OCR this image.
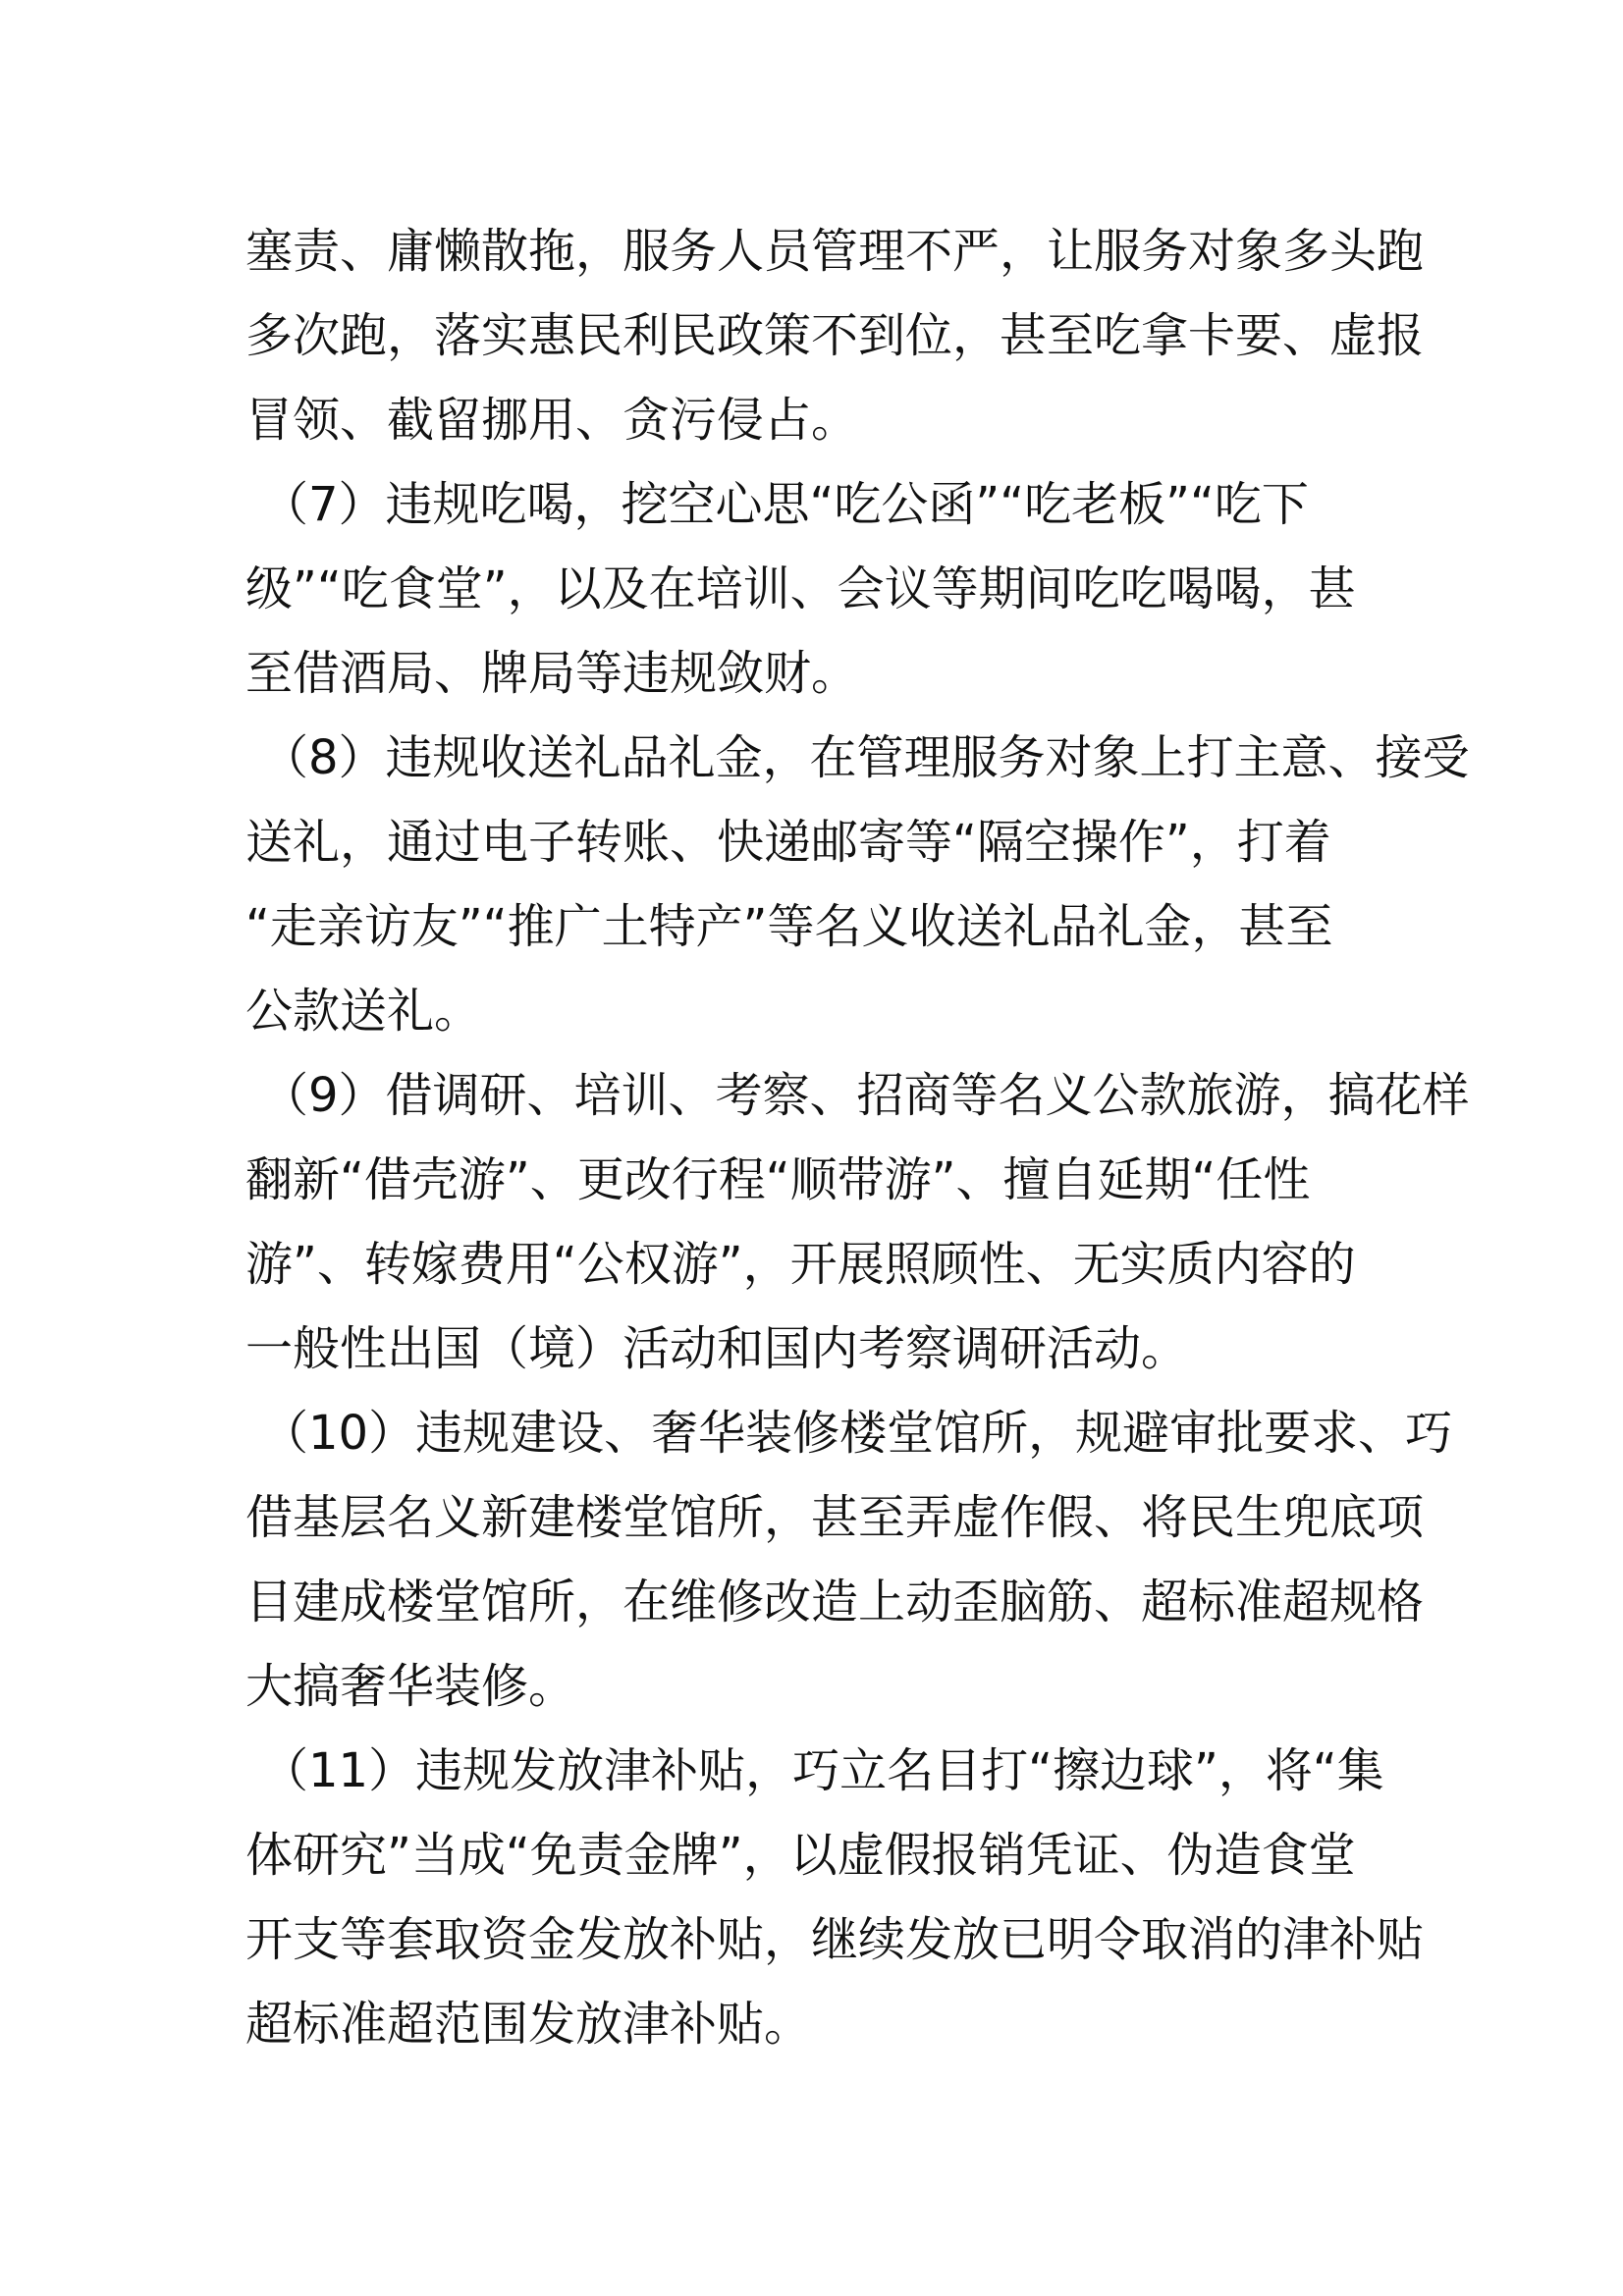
塞责、庸懒散拖，服务人员管理不严，让服务对象多头跑
多次跑，落实惠民利民政策不到位，甚至吃拿卡要、虚报
冒领、截留挪用、贪污侵占。
（7）违规吃喝，挖空心思“吃公函”“吃老板”“吃下
级”“吃食堂”，以及在培训、会议等期间吃吃喝喝，甚
至借酒局、牌局等违规敛财。
（8）违规收送礼品礼金，在管理服务对象上打主意、接受
送礼，通过电子转账、快递邮寄等“隔空操作”，打着
“走亲访友”“推广土特产”等名义收送礼品礼金，甚至
公款送礼。
（9）借调研、培训、考察、招商等名义公款旅游，搞花样
翻新“借壳游”、更改行程“顺带游”、擅自延期“任性
游”、转嫁费用“公权游”，开展照顾性、无实质内容的
一般性出国（境）活动和国内考察调研活动。
（10）违规建设、奢华装修楼堂馆所，规避审批要求、巧
借基层名义新建楼堂馆所，甚至弄虚作假、将民生兜底项
目建成楼堂馆所，在维修改造上动歪脑筋、超标准超规格
大搞奢华装修。
（11）违规发放津补贴，巧立名目打“擦边球”，将“集
体研究”当成“免责金牌”，以虚假报销凭证、伪造食堂
开支等套取资金发放补贴，继续发放已明令取消的津补贴
超标准超范围发放津补贴。
